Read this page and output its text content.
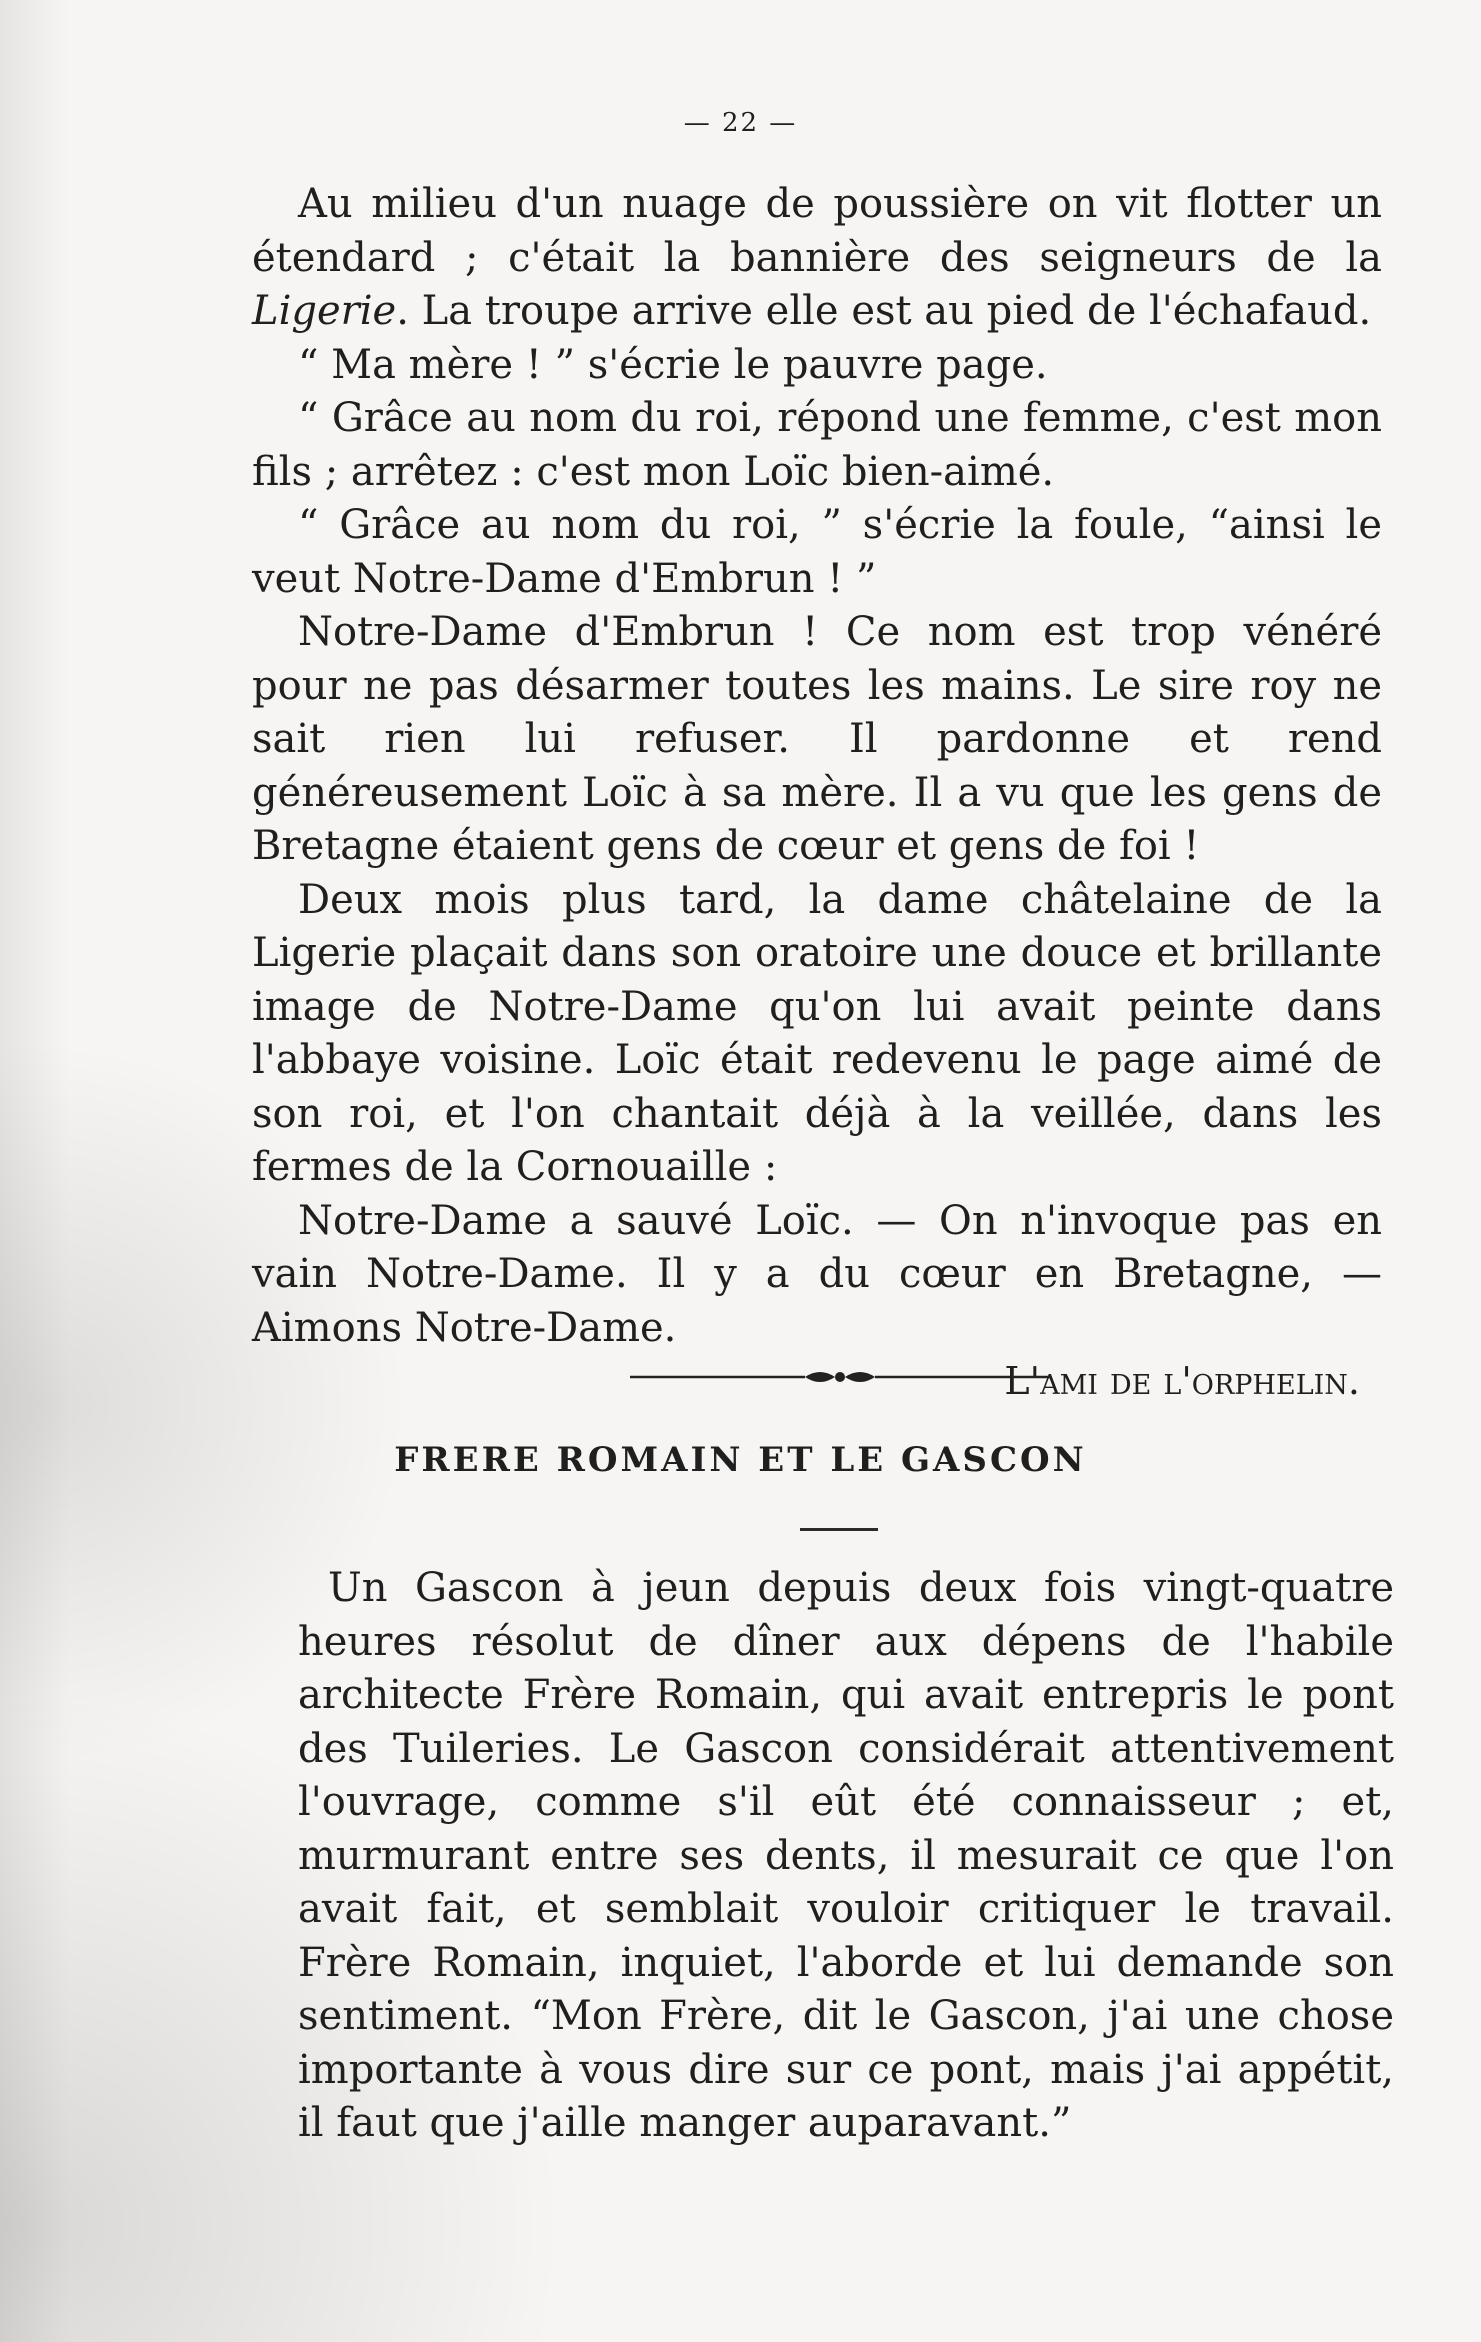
— 22 —

Au milieu d'un nuage de poussière on vit flotter un étendard ; c'était la bannière des seigneurs de la Ligerie. La troupe arrive elle est au pied de l'échafaud.

“ Ma mère ! ” s'écrie le pauvre page.

“ Grâce au nom du roi, répond une femme, c'est mon fils ; arrêtez : c'est mon Loïc bien-aimé.

“ Grâce au nom du roi, ” s'écrie la foule, “ainsi le veut Notre-Dame d'Embrun ! ”

Notre-Dame d'Embrun ! Ce nom est trop vénéré pour ne pas désarmer toutes les mains. Le sire roy ne sait rien lui refuser. Il pardonne et rend généreusement Loïc à sa mère. Il a vu que les gens de Bretagne étaient gens de cœur et gens de foi !

Deux mois plus tard, la dame châtelaine de la Ligerie plaçait dans son oratoire une douce et brillante image de Notre-Dame qu'on lui avait peinte dans l'abbaye voisine. Loïc était redevenu le page aimé de son roi, et l'on chantait déjà à la veillée, dans les fermes de la Cornouaille :

Notre-Dame a sauvé Loïc. — On n'invoque pas en vain Notre-Dame. Il y a du cœur en Bretagne, — Aimons Notre-Dame.

L'ami de l'orphelin.

FRERE ROMAIN ET LE GASCON

Un Gascon à jeun depuis deux fois vingt-quatre heures résolut de dîner aux dépens de l'habile architecte Frère Romain, qui avait entrepris le pont des Tuileries. Le Gascon considérait attentivement l'ouvrage, comme s'il eût été connaisseur ; et, murmurant entre ses dents, il mesurait ce que l'on avait fait, et semblait vouloir critiquer le travail. Frère Romain, inquiet, l'aborde et lui demande son sentiment. “Mon Frère, dit le Gascon, j'ai une chose importante à vous dire sur ce pont, mais j'ai appétit, il faut que j'aille manger auparavant.”
